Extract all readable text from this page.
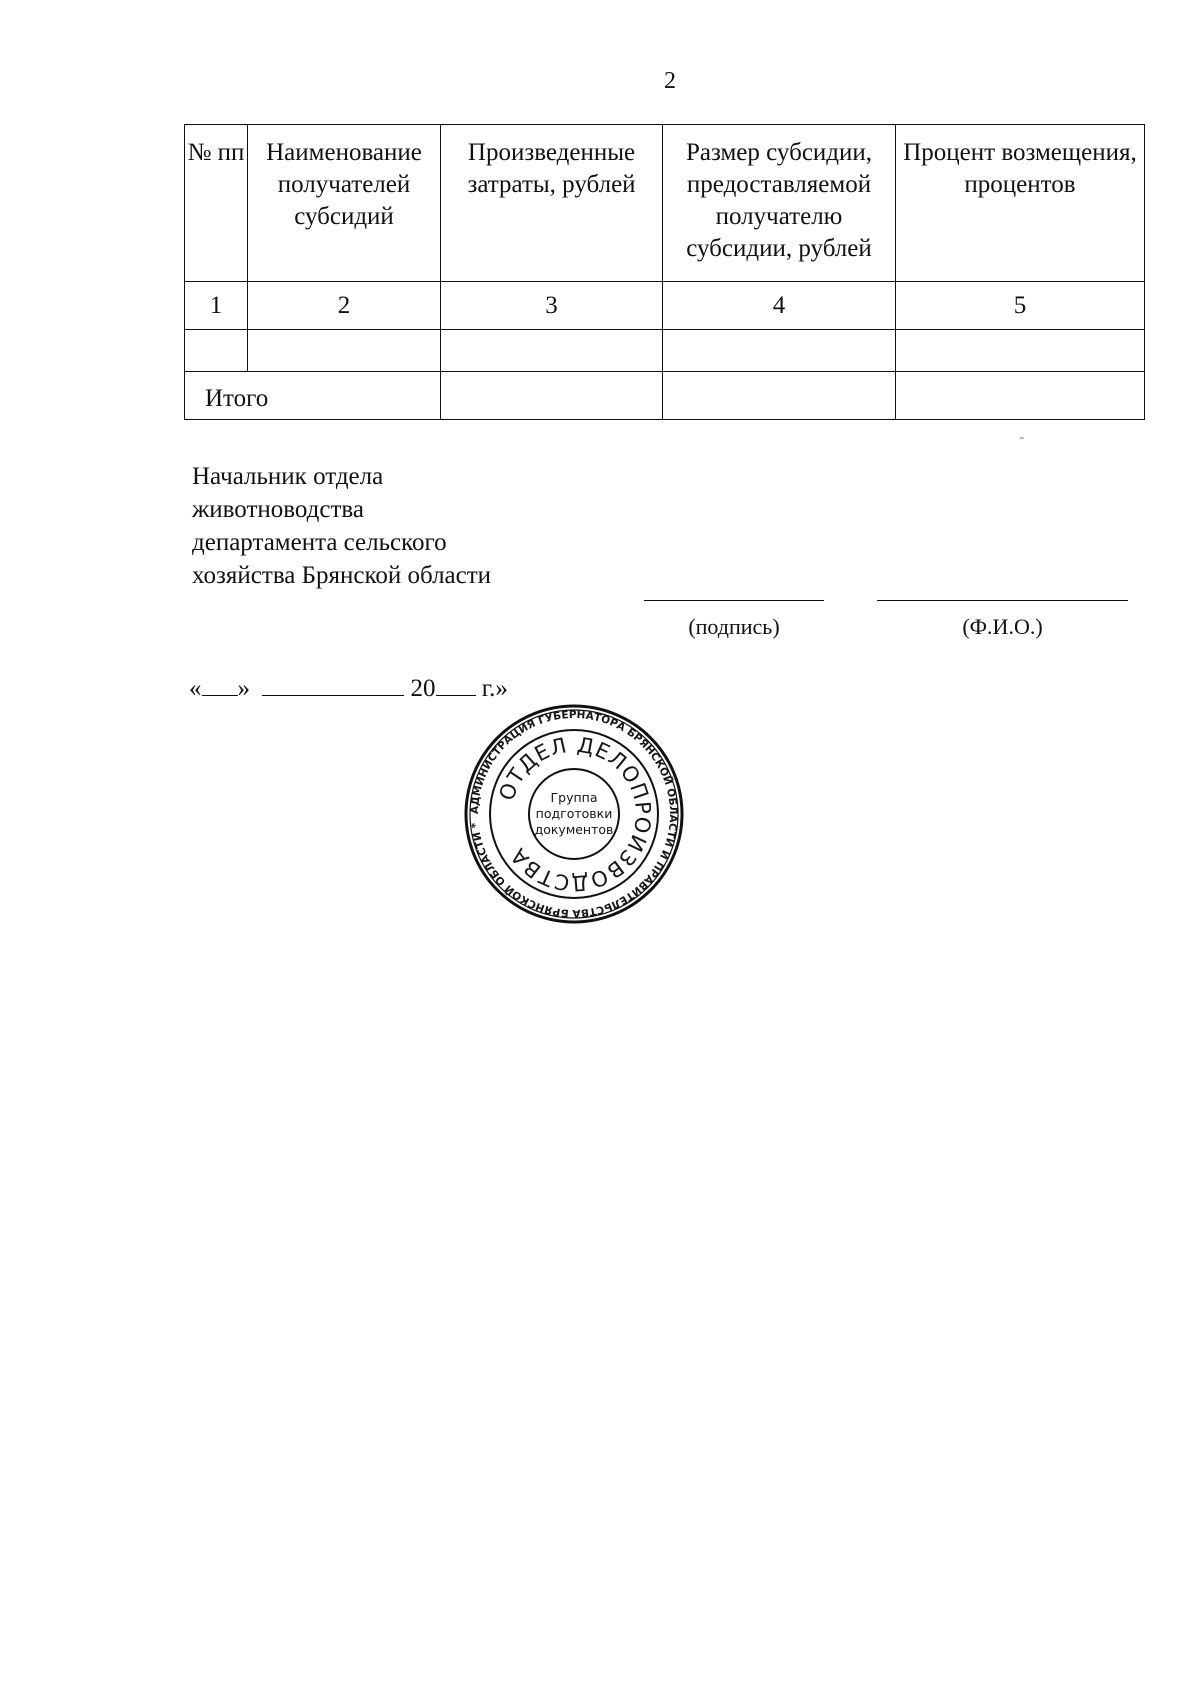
2
№ пп	Наименование получателей субсидий	Произведенные затраты, рублей	Размер субсидии, предоставляемой получателю субсидии, рублей	Процент возмещения, процентов
1	2	3	4	5

Итого				
Начальник отдела
животноводства
департамента сельского
хозяйства Брянской области
(подпись)	(Ф.И.О.)
« »	20 г.»
АДМИНИСТРАЦИЯ ГУБЕРНАТОРА БРЯНСКОЙ ОБЛАСТИ И ПРАВИТЕЛЬСТВА БРЯНСКОЙ ОБЛАСТИ *
ОТДЕЛ ДЕЛОПРОИЗВОДСТВА
Группа
подготовки
документов
